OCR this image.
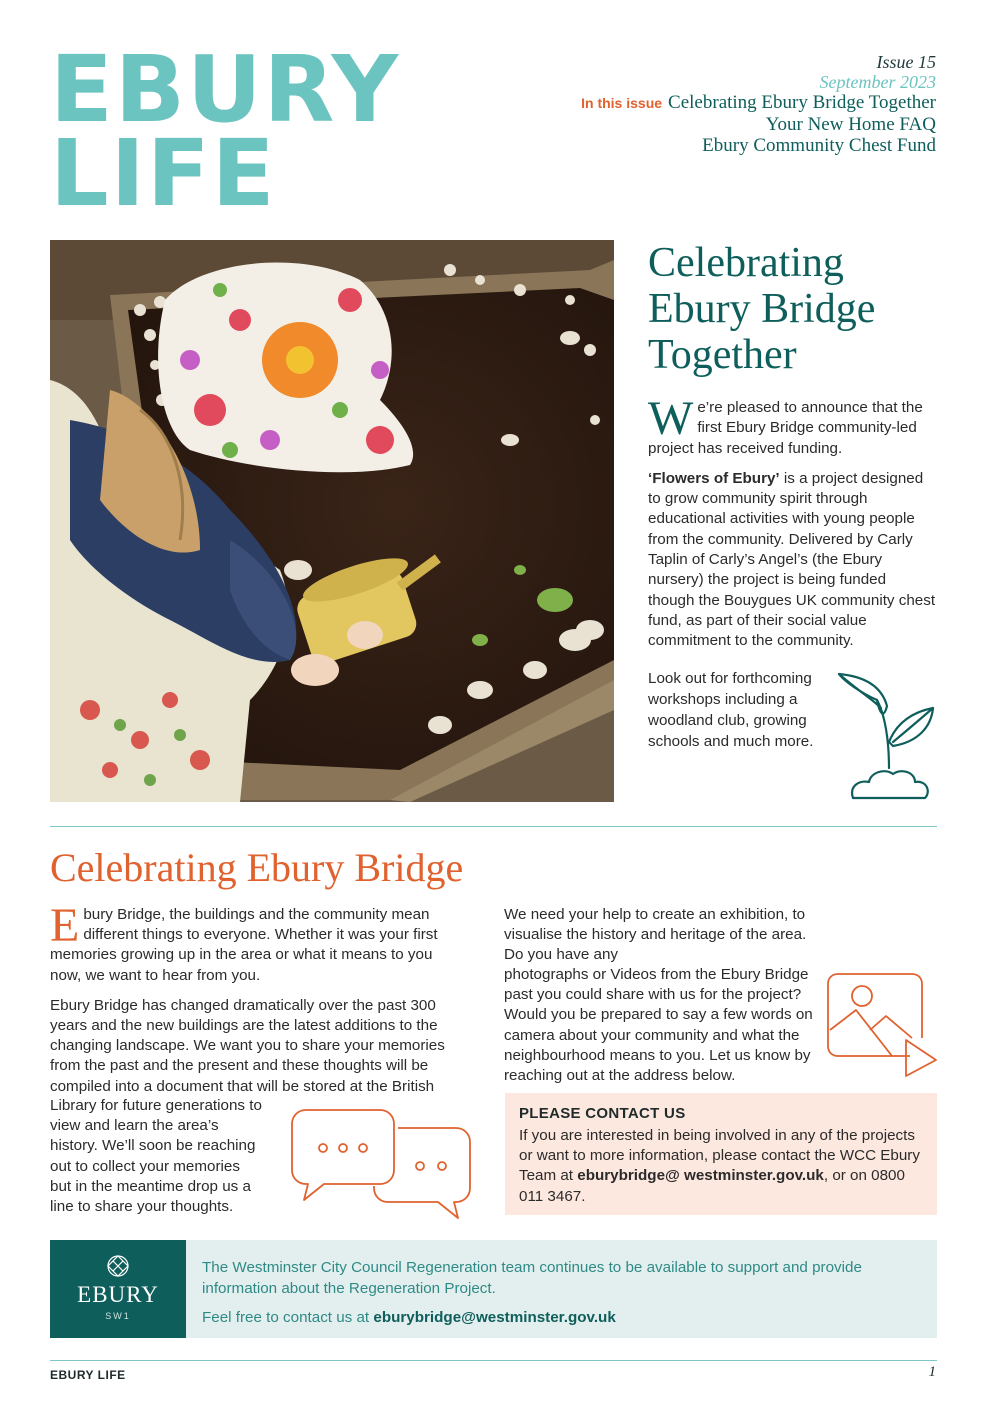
EBURY
LIFE
Issue 15
September 2023
In this issue Celebrating Ebury Bridge Together
Your New Home FAQ
Ebury Community Chest Fund
Celebrating
Ebury Bridge
Together

We’re pleased to announce that the first Ebury Bridge community-led project has received funding.

‘Flowers of Ebury’ is a project designed to grow community spirit through educational activities with young people from the community. Delivered by Carly Taplin of Carly’s Angel’s (the Ebury nursery) the project is being funded though the Bouygues UK community chest fund, as part of their social value commitment to the community.

Look out for forthcoming workshops including a woodland club, growing schools and much more.
Celebrating Ebury Bridge

Ebury Bridge, the buildings and the community mean different things to everyone. Whether it was your first memories growing up in the area or what it means to you now, we want to hear from you.

Ebury Bridge has changed dramatically over the past 300 years and the new buildings are the latest additions to the changing landscape. We want you to share your memories from the past and the present and these thoughts will be compiled into a document that will be stored at the British

Library for future generations to view and learn the area’s history. We’ll soon be reaching out to collect your memories but in the meantime drop us a line to share your thoughts.
We need your help to create an exhibition, to visualise the history and heritage of the area. Do you have any
photographs or Videos from the Ebury Bridge past you could share with us for the project? Would you be prepared to say a few words on camera about your community and what the neighbourhood means to you. Let us know by reaching out at the address below.
PLEASE CONTACT US
If you are interested in being involved in any of the projects or want to more information, please contact the WCC Ebury Team at eburybridge@ westminster.gov.uk, or on 0800 011 3467.
EBURY
SW1

The Westminster City Council Regeneration team continues to be available to support and provide information about the Regeneration Project.

Feel free to contact us at eburybridge@westminster.gov.uk

EBURY LIFE	1
